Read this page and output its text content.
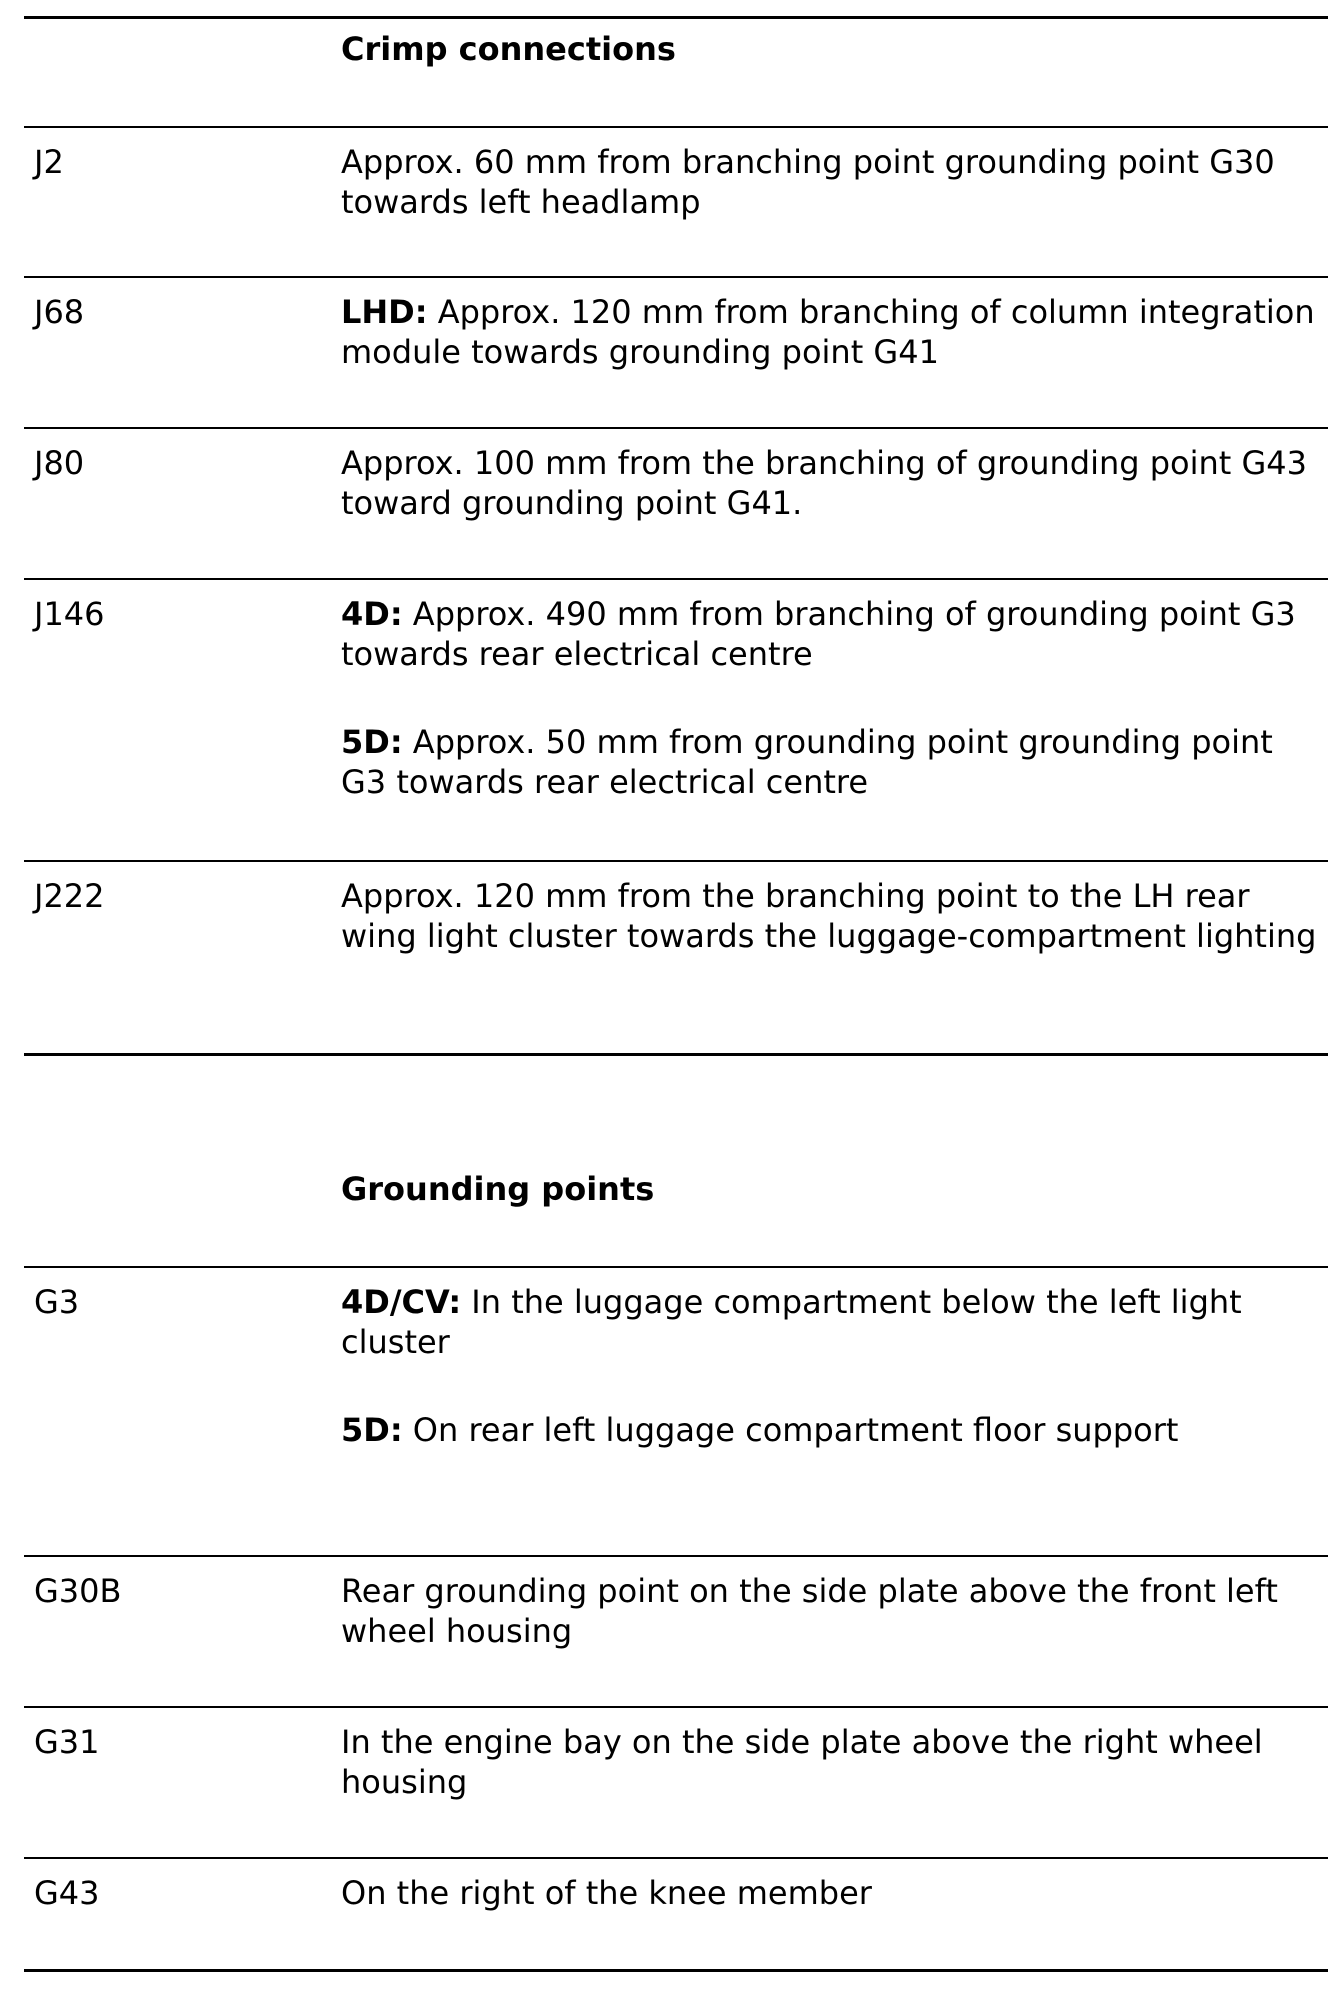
Crimp connections
J2	Approx. 60 mm from branching point grounding point G30 towards left headlamp

J68	LHD: Approx. 120 mm from branching of column integration module towards grounding point G41

J80	Approx. 100 mm from the branching of grounding point G43 toward grounding point G41.

J146	4D: Approx. 490 mm from branching of grounding point G3 towards rear electrical centre

5D: Approx. 50 mm from grounding point grounding point G3 towards rear electrical centre

J222	Approx. 120 mm from the branching point to the LH rear wing light cluster towards the luggage-compartment lighting

Grounding points
G3	4D/CV: In the luggage compartment below the left light cluster

5D: On rear left luggage compartment floor support

G30B	Rear grounding point on the side plate above the front left wheel housing

G31	In the engine bay on the side plate above the right wheel housing

G43	On the right of the knee member
